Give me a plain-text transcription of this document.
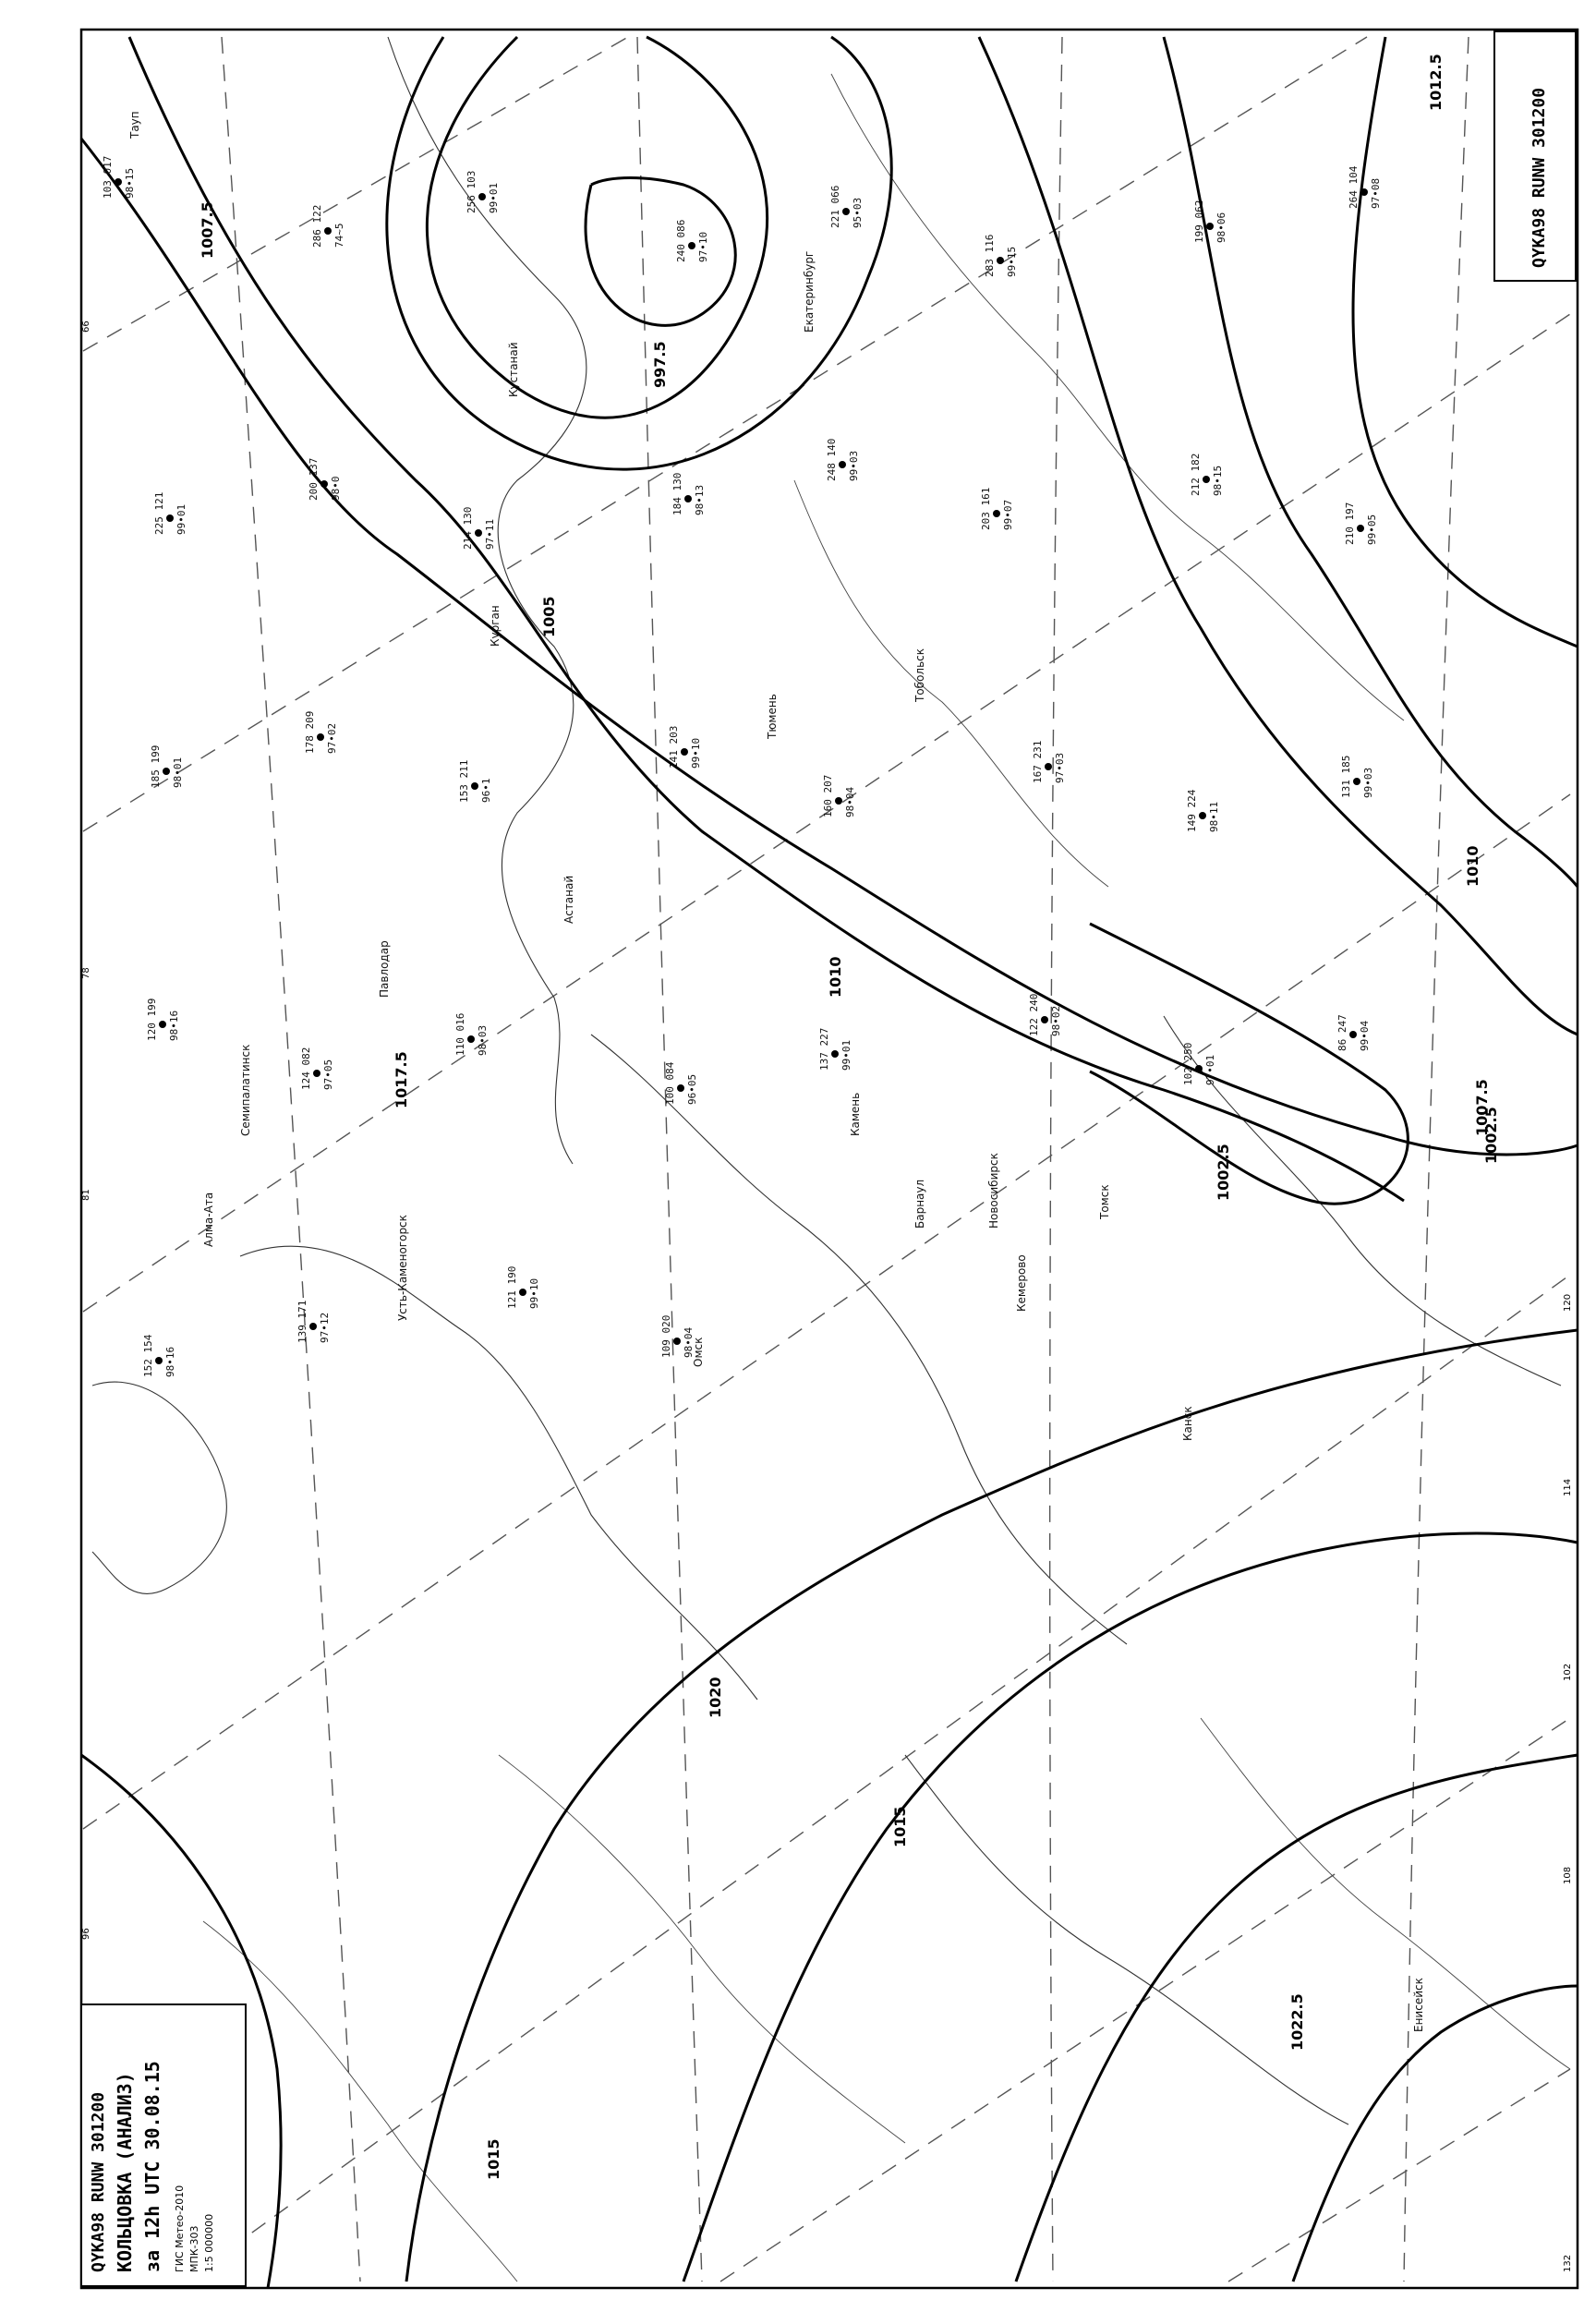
1012.5
1007.5
1005
1002.5
997.5
1010
1007.5
1002.5
1010
1020
1022.5
1017.5
1015
1015
Тaуп
Астанaй
Кустанай
Екатеринбург
Курган
Тюмень
Тобольск
Омск
Павлодар
Семипалатинск
Барнаул	Новосибирск
Кемерово
Томск
Камень
Канск
Алма-Ата	Усть-Каменогорск
Енисейск
103 017 98•15
286 122 74~5
256 103 99•01
240 086 97•10
221 066 95•03
283 116 99•15
199 062 98•06
264 104 97•08
225 121 99•01
200 137 98•0
214 130 97•11
184 130 98•13
248 140 99•03
203 161 99•07
212 182 98•15
210 197 99•05
185 199 98•01
178 209 97•02
153 211 96•1
141 203 99•10
160 207 98•04
167 231 97•03
149 224 98•11
131 185 99•03
120 199 98•16
124 082 97•05
110 016 98•03
100 084 96•05
137 227 99•01
122 240 98•02
102 250 97•01
86 247 99•04
152 154 98•16
139 171 97•12
121 190 99•10
109 020 98•04
66
78
81
96
102
108
114
120
132
QYKA98 RUNW 301200
QYKA98 RUNW 301200 КОЛЬЦОВКА (АНАЛИЗ) за 12h UTC 30.08.15 ГИС Метео-2010 МПК-303 1:5 000000
